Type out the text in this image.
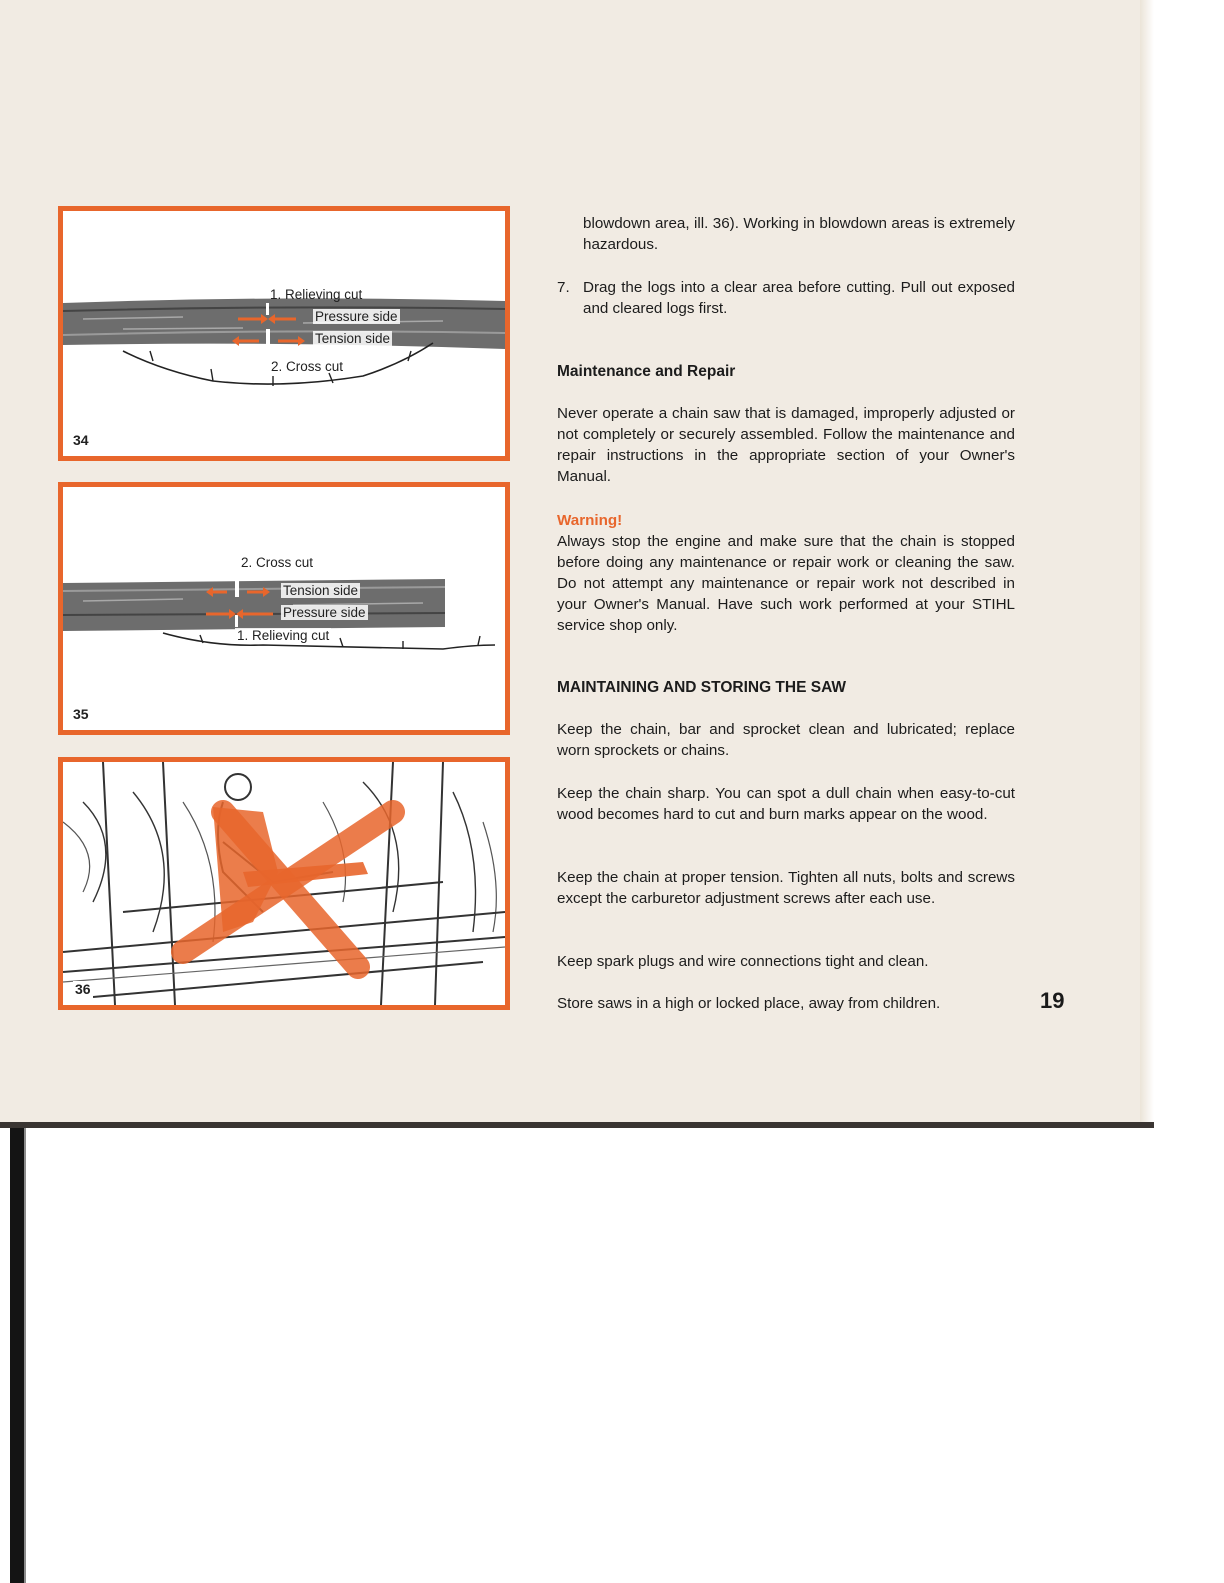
1. Relieving cut
Pressure side
Tension side
2. Cross cut
34
2. Cross cut
Tension side
Pressure side
1. Relieving cut
35
36

blowdown area, ill. 36). Working in blowdown areas is extremely hazardous.

7. Drag the logs into a clear area before cutting. Pull out exposed and cleared logs first.

Maintenance and Repair

Never operate a chain saw that is damaged, improperly adjusted or not completely or securely assembled. Follow the maintenance and repair instructions in the appropriate section of your Owner's Manual.

Warning!

Always stop the engine and make sure that the chain is stopped before doing any maintenance or repair work or cleaning the saw. Do not attempt any maintenance or repair work not described in your Owner's Manual. Have such work performed at your STIHL service shop only.

MAINTAINING AND STORING THE SAW

Keep the chain, bar and sprocket clean and lubricated; replace worn sprockets or chains.

Keep the chain sharp. You can spot a dull chain when easy-to-cut wood becomes hard to cut and burn marks appear on the wood.

Keep the chain at proper tension. Tighten all nuts, bolts and screws except the carburetor adjustment screws after each use.

Keep spark plugs and wire connections tight and clean.

Store saws in a high or locked place, away from children.	19
